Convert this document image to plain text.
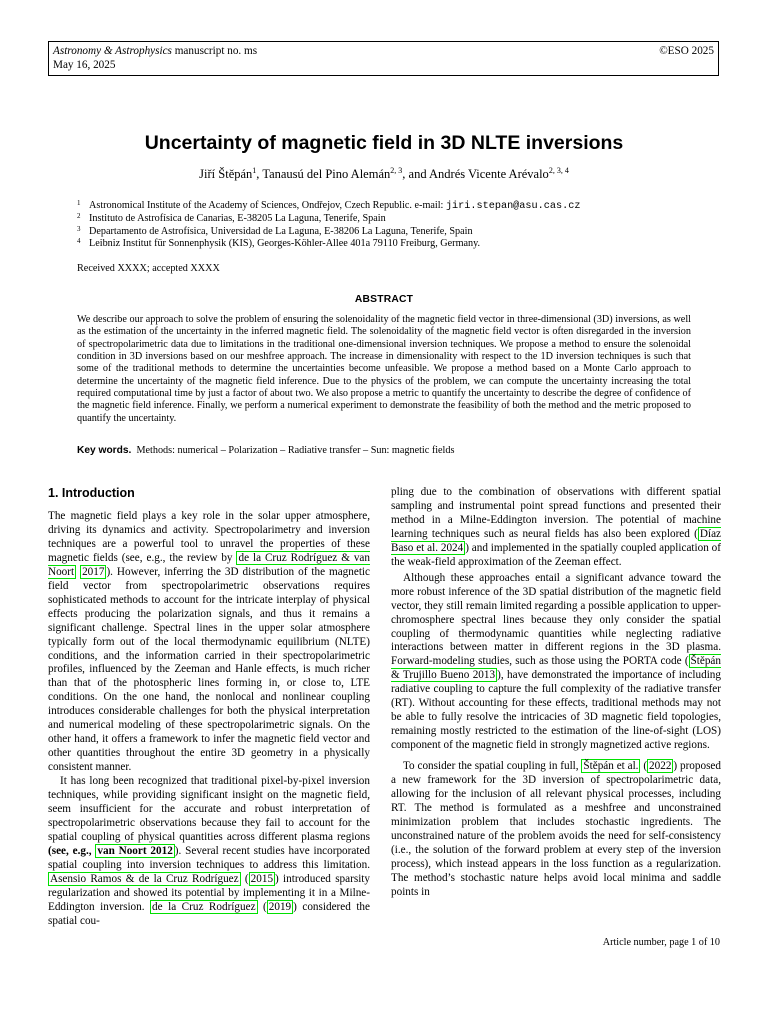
Astronomy & Astrophysics manuscript no. ms
May 16, 2025
©ESO 2025
Uncertainty of magnetic field in 3D NLTE inversions
Jiří Štěpán$^1$, Tanausú del Pino Alemán$^{2, 3}$, and Andrés Vicente Arévalo$^{2, 3, 4}$
1 Astronomical Institute of the Academy of Sciences, Ondřejov, Czech Republic. e-mail: jiri.stepan@asu.cas.cz
2 Instituto de Astrofísica de Canarias, E-38205 La Laguna, Tenerife, Spain
3 Departamento de Astrofísica, Universidad de La Laguna, E-38206 La Laguna, Tenerife, Spain
4 Leibniz Institut für Sonnenphysik (KIS), Georges-Köhler-Allee 401a 79110 Freiburg, Germany.
Received XXXX; accepted XXXX
ABSTRACT
We describe our approach to solve the problem of ensuring the solenoidality of the magnetic field vector in three-dimensional (3D) inversions, as well as the estimation of the uncertainty in the inferred magnetic field. The solenoidality of the magnetic field vector is often disregarded in the inversion of spectropolarimetric data due to limitations in the traditional one-dimensional inversion techniques. We propose a method to ensure the solenoidal condition in 3D inversions based on our meshfree approach. The increase in dimensionality with respect to the 1D inversion techniques is such that some of the traditional methods to determine the uncertainties become unfeasible. We propose a method based on a Monte Carlo approach to determine the uncertainty of the magnetic field inference. Due to the physics of the problem, we can compute the uncertainty increasing the total required computational time by just a factor of about two. We also propose a metric to quantify the uncertainty to describe the degree of confidence of the magnetic field inference. Finally, we perform a numerical experiment to demonstrate the feasibility of both the method and the metric proposed to quantify the uncertainty.
Key words. Methods: numerical – Polarization – Radiative transfer – Sun: magnetic fields
1. Introduction

The magnetic field plays a key role in the solar upper atmosphere, driving its dynamics and activity. Spectropolarimetry and inversion techniques are a powerful tool to unravel the properties of these magnetic fields (see, e.g., the review by de la Cruz Rodríguez & van Noort 2017 ). However, inferring the 3D distribution of the magnetic field vector from spectropolarimetric observations requires sophisticated methods to account for the intricate interplay of physical effects producing the polarization signals, and thus it remains a significant challenge. Spectral lines in the upper solar atmosphere typically form out of the local thermodynamic equilibrium (NLTE) conditions, and the information carried in their spectropolarimetric profiles, influenced by the Zeeman and Hanle effects, is much richer than that of the photospheric lines forming in, or close to, LTE conditions. On the one hand, the nonlocal and nonlinear coupling introduces considerable challenges for both the physical interpretation and numerical modeling of these spectropolarimetric signals. On the other hand, it offers a framework to infer the magnetic field vector and other quantities throughout the entire 3D geometry in a physically consistent manner.

It has long been recognized that traditional pixel-by-pixel inversion techniques, while providing significant insight on the magnetic field, seem insufficient for the accurate and robust interpretation of spectropolarimetric observations because they fail to account for the spatial coupling of physical quantities across different plasma regions (see, e.g., van Noort 2012 ). Several recent studies have incorporated spatial coupling into inversion techniques to address this limitation. Asensio Ramos & de la Cruz Rodríguez ( 2015 ) introduced sparsity regularization and showed its potential by implementing it in a Milne-Eddington inversion. de la Cruz Rodríguez ( 2019 ) considered the spatial cou-

pling due to the combination of observations with different spatial sampling and instrumental point spread functions and presented their method in a Milne-Eddington inversion. The potential of machine learning techniques such as neural fields has also been explored ( Díaz Baso et al. 2024 ) and implemented in the spatially coupled application of the weak-field approximation of the Zeeman effect.

Although these approaches entail a significant advance toward the more robust inference of the 3D spatial distribution of the magnetic field vector, they still remain limited regarding a possible application to upper-chromosphere spectral lines because they only consider the spatial coupling of thermodynamic quantities while neglecting radiative interactions between matter in different regions in the 3D plasma. Forward-modeling studies, such as those using the PORTA code ( Štěpán & Trujillo Bueno 2013 ), have demonstrated the importance of including radiative coupling to capture the full complexity of the radiative transfer (RT). Without accounting for these effects, traditional methods may not be able to fully resolve the intricacies of 3D magnetic field topologies, remaining mostly restricted to the estimation of the line-of-sight (LOS) component of the magnetic field in strongly magnetized active regions.

To consider the spatial coupling in full, Štěpán et al. ( 2022 ) proposed a new framework for the 3D inversion of spectropolarimetric data, allowing for the inclusion of all relevant physical processes, including RT. The method is formulated as a meshfree and unconstrained minimization problem that includes stochastic ingredients. The unconstrained nature of the problem avoids the need for self-consistency (i.e., the solution of the forward problem at every step of the inversion process), which instead appears in the loss function as a regularization. The method’s stochastic nature helps avoid local minima and saddle points in

Article number, page 1 of 10
